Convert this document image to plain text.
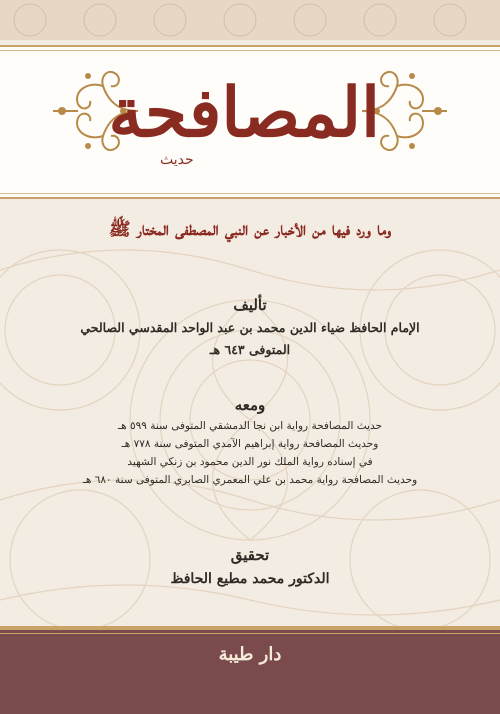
المصافحة
حديث
وما ورد فيها من الأخبار عن النبي المصطفى المختار ﷺ
تأليف
الإمام الحافظ ضياء الدين محمد بن عبد الواحد المقدسي الصالحي
المتوفى ٦٤٣ هـ
ومعه
حديث المصافحة رواية ابن نجا الدمشقي المتوفى سنة ٥٩٩ هـ
وحديث المصافحة رواية إبراهيم الآمدي المتوفى سنة ٧٧٨ هـ
في إسناده رواية الملك نور الدين محمود بن زنكي الشهيد
وحديث المصافحة رواية محمد بن علي المعمري الصابري المتوفى سنة ٦٨٠ هـ
تحقيق
الدكتور محمد مطيع الحافظ
دار طيبة
